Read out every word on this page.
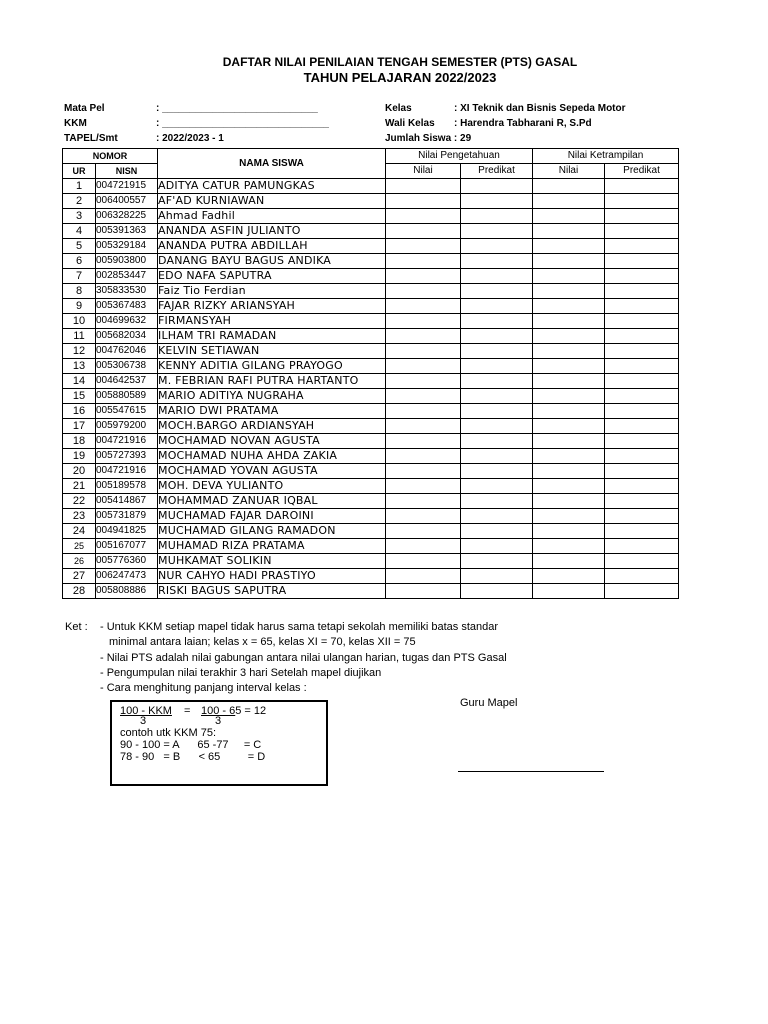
DAFTAR NILAI PENILAIAN TENGAH SEMESTER (PTS) GASAL
TAHUN PELAJARAN 2022/2023
Mata Pel	: ____________________________
KKM	: ______________________________
TAPEL/Smt	: 2022/2023 - 1
Kelas	: XI Teknik dan Bisnis Sepeda Motor
Wali Kelas : Harendra Tabharani R, S.Pd
Jumlah Siswa : 29
NOMOR		NAMA SISWA	Nilai Pengetahuan		Nilai Ketrampilan	
UR	NISN		Nilai	Predikat	Nilai	Predikat
1	004721915	ADITYA CATUR PAMUNGKAS				
2	006400557	AF'AD KURNIAWAN				
3	006328225	Ahmad Fadhil				
4	005391363	ANANDA ASFIN JULIANTO				
5	005329184	ANANDA PUTRA ABDILLAH				
6	005903800	DANANG BAYU BAGUS ANDIKA				
7	002853447	EDO NAFA SAPUTRA				
8	305833530	Faiz Tio Ferdian				
9	005367483	FAJAR RIZKY ARIANSYAH				
10	004699632	FIRMANSYAH				
11	005682034	ILHAM TRI RAMADAN				
12	004762046	KELVIN SETIAWAN				
13	005306738	KENNY ADITIA GILANG PRAYOGO				
14	004642537	M. FEBRIAN RAFI PUTRA HARTANTO				
15	005880589	MARIO ADITIYA NUGRAHA				
16	005547615	MARIO DWI PRATAMA				
17	005979200	MOCH.BARGO ARDIANSYAH				
18	004721916	MOCHAMAD NOVAN AGUSTA				
19	005727393	MOCHAMAD NUHA AHDA ZAKIA				
20	004721916	MOCHAMAD YOVAN AGUSTA				
21	005189578	MOH. DEVA YULIANTO				
22	005414867	MOHAMMAD ZANUAR IQBAL				
23	005731879	MUCHAMAD FAJAR DAROINI				
24	004941825	MUCHAMAD GILANG RAMADON				
25	005167077	MUHAMAD RIZA PRATAMA				
26	005776360	MUHKAMAT SOLIKIN				
27	006247473	NUR CAHYO HADI PRASTIYO				
28	005808886	RISKI BAGUS SAPUTRA				
Ket : - Untuk KKM setiap mapel tidak harus sama tetapi sekolah memiliki batas standar
minimal antara laian; kelas x = 65, kelas XI = 70, kelas XII = 75
- Nilai PTS adalah nilai gabungan antara nilai ulangan harian, tugas dan PTS Gasal
- Pengumpulan nilai terakhir 3 hari Setelah mapel diujikan
- Cara menghitung panjang interval kelas :
100 - KKM = 100 - 65 = 12
3	3
contoh utk KKM 75:
90 - 100 = A      65 -77     = C
78 - 90   = B      < 65         = D
Guru Mapel
